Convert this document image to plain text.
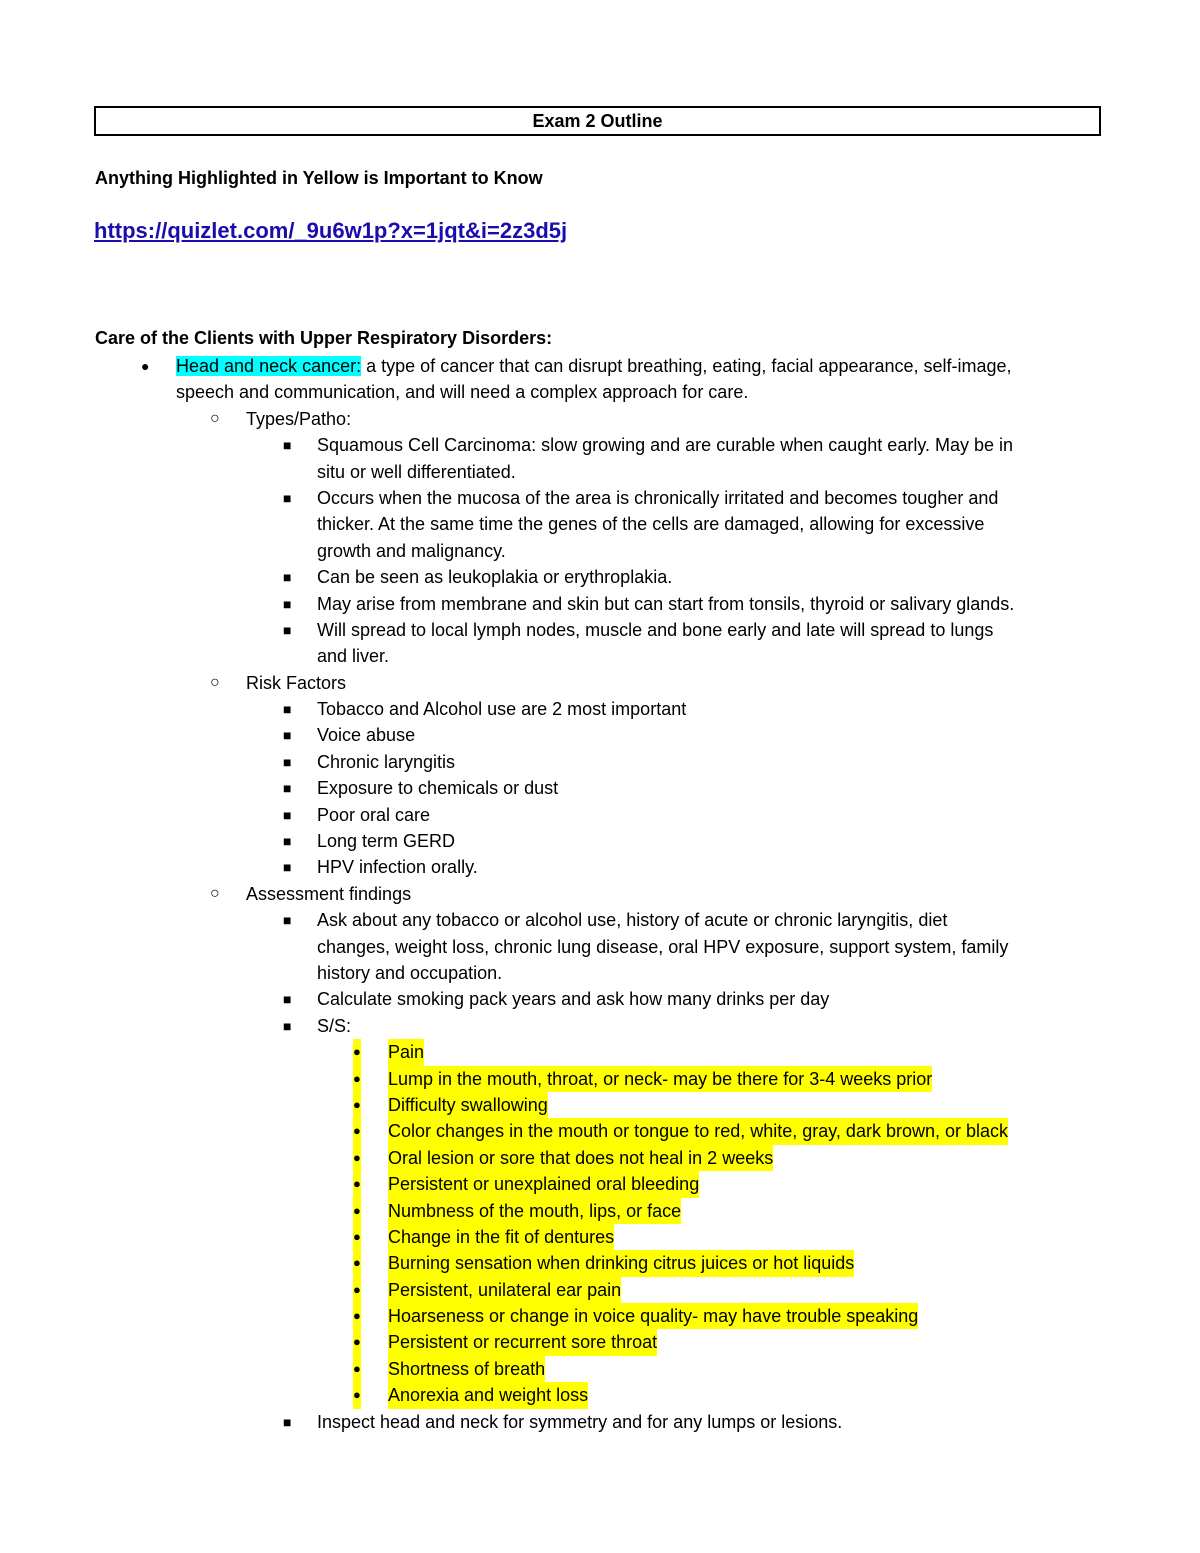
Exam 2 Outline
Anything Highlighted in Yellow is Important to Know
https://quizlet.com/_9u6w1p?x=1jqt&i=2z3d5j
Care of the Clients with Upper Respiratory Disorders:
● Head and neck cancer: a type of cancer that can disrupt breathing, eating, facial appearance, self-image,
speech and communication, and will need a complex approach for care.
○ Types/Patho:
■ Squamous Cell Carcinoma: slow growing and are curable when caught early. May be in
situ or well differentiated.
■ Occurs when the mucosa of the area is chronically irritated and becomes tougher and
thicker. At the same time the genes of the cells are damaged, allowing for excessive
growth and malignancy.
■ Can be seen as leukoplakia or erythroplakia.
■ May arise from membrane and skin but can start from tonsils, thyroid or salivary glands.
■ Will spread to local lymph nodes, muscle and bone early and late will spread to lungs
and liver.
○ Risk Factors
■ Tobacco and Alcohol use are 2 most important
■ Voice abuse
■ Chronic laryngitis
■ Exposure to chemicals or dust
■ Poor oral care
■ Long term GERD
■ HPV infection orally.
○ Assessment findings
■ Ask about any tobacco or alcohol use, history of acute or chronic laryngitis, diet
changes, weight loss, chronic lung disease, oral HPV exposure, support system, family
history and occupation.
■ Calculate smoking pack years and ask how many drinks per day
■ S/S:
● Pain
● Lump in the mouth, throat, or neck- may be there for 3-4 weeks prior
● Difficulty swallowing
● Color changes in the mouth or tongue to red, white, gray, dark brown, or black
● Oral lesion or sore that does not heal in 2 weeks
● Persistent or unexplained oral bleeding
● Numbness of the mouth, lips, or face
● Change in the fit of dentures
● Burning sensation when drinking citrus juices or hot liquids
● Persistent, unilateral ear pain
● Hoarseness or change in voice quality- may have trouble speaking
● Persistent or recurrent sore throat
● Shortness of breath
● Anorexia and weight loss
■ Inspect head and neck for symmetry and for any lumps or lesions.
